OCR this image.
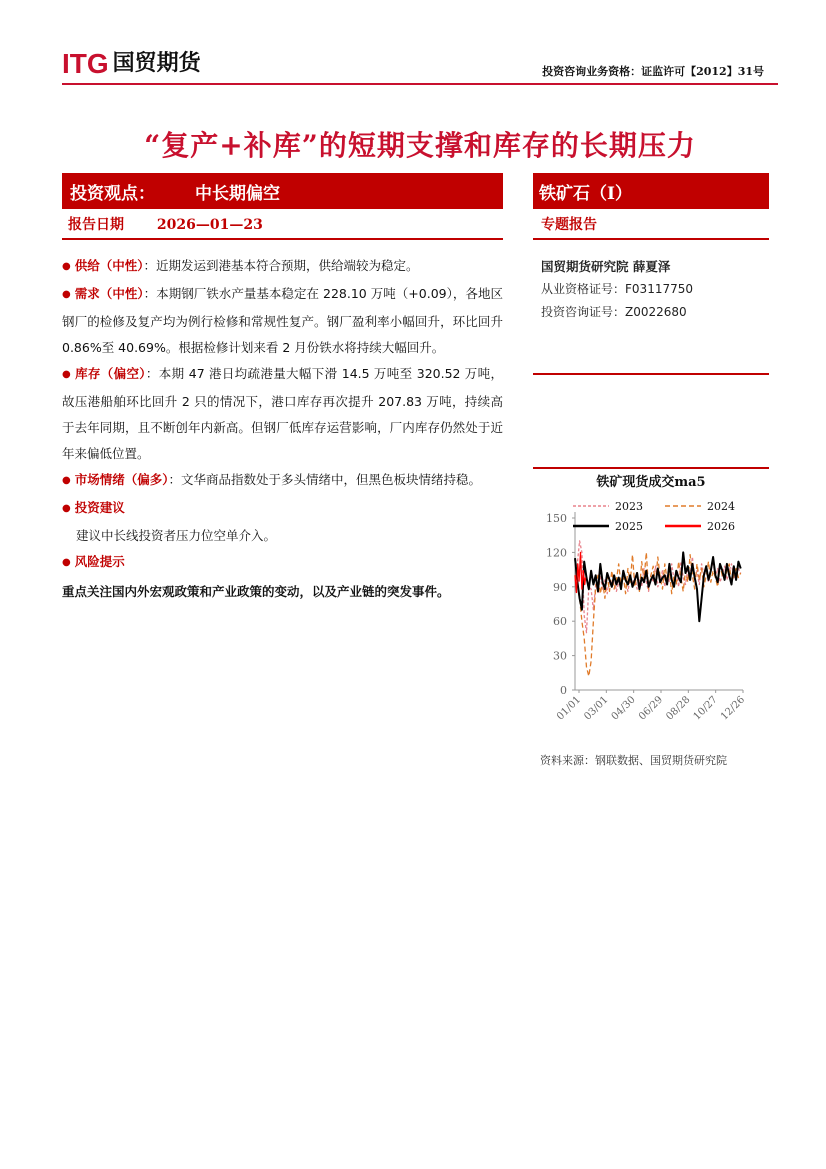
ITG 国贸期货	投资咨询业务资格：证监许可【2012】31号
“复产+补库”的短期支撑和库存的长期压力
投资观点： 中长期偏空	铁矿石（I）
报告日期 2026—01—23	专题报告
● 供给（中性）：近期发运到港基本符合预期，供给端较为稳定。
● 需求（中性）：本期钢厂铁水产量基本稳定在 228.10 万吨（+0.09），各地区钢厂的检修及复产均为例行检修和常规性复产。钢厂盈利率小幅回升，环比回升 0.86%至 40.69%。根据检修计划来看 2 月份铁水将持续大幅回升。
● 库存（偏空）：本期 47 港日均疏港量大幅下滑 14.5 万吨至 320.52 万吨，故压港船舶环比回升 2 只的情况下，港口库存再次提升 207.83 万吨，持续高于去年同期，且不断创年内新高。但钢厂低库存运营影响，厂内库存仍然处于近年来偏低位置。
● 市场情绪（偏多）：文华商品指数处于多头情绪中，但黑色板块情绪持稳。
● 投资建议
建议中长线投资者压力位空单介入。
● 风险提示
重点关注国内外宏观政策和产业政策的变动，以及产业链的突发事件。
国贸期货研究院 薛夏泽
从业资格证号：F03117750
投资咨询证号：Z0022680
铁矿现货成交ma5
0
30
60
90
120
150
01/01 03/01 04/30 06/29 08/28 10/27 12/26
2023	2024
2025	2026
资料来源：钢联数据、国贸期货研究院
